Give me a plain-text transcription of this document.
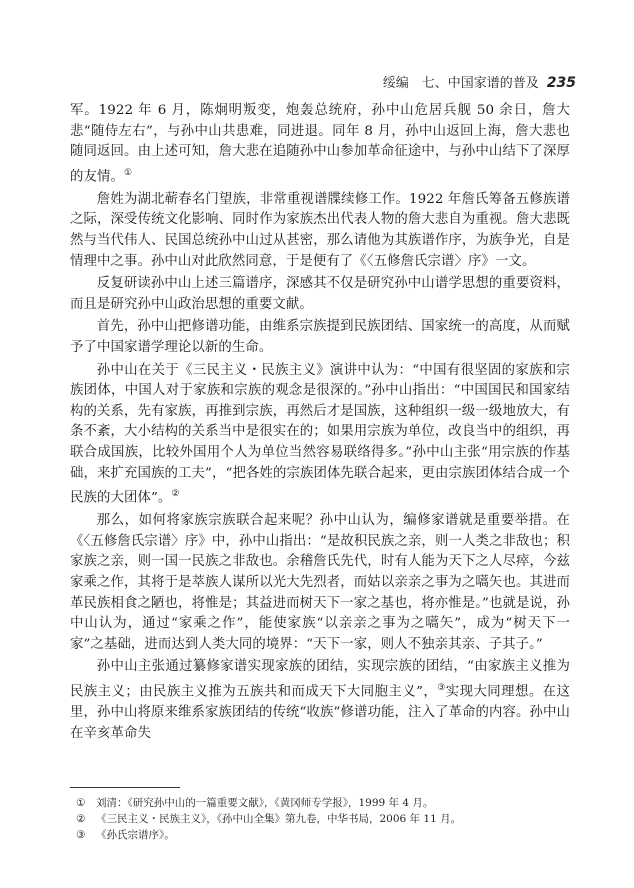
绥编　七、中国家谱的普及 235

军。1922 年 6 月，陈炯明叛变，炮轰总统府，孙中山危居兵舰 50 余日，詹大悲“随侍左右”，与孙中山共患难，同进退。同年 8 月，孙中山返回上海，詹大悲也随同返回。由上述可知，詹大悲在追随孙中山参加革命征途中，与孙中山结下了深厚的友情。①

詹姓为湖北蕲春名门望族，非常重视谱牒续修工作。1922 年詹氏筹备五修族谱之际，深受传统文化影响、同时作为家族杰出代表人物的詹大悲自为重视。詹大悲既然与当代伟人、民国总统孙中山过从甚密，那么请他为其族谱作序，为族争光，自是情理中之事。孙中山对此欣然同意，于是便有了《〈五修詹氏宗谱〉序》一文。

反复研读孙中山上述三篇谱序，深感其不仅是研究孙中山谱学思想的重要资料，而且是研究孙中山政治思想的重要文献。

首先，孙中山把修谱功能，由维系宗族提到民族团结、国家统一的高度，从而赋予了中国家谱学理论以新的生命。

孙中山在关于《三民主义・民族主义》演讲中认为：“中国有很坚固的家族和宗族团体，中国人对于家族和宗族的观念是很深的。”孙中山指出：“中国国民和国家结构的关系，先有家族，再推到宗族，再然后才是国族，这种组织一级一级地放大，有条不紊，大小结构的关系当中是很实在的；如果用宗族为单位，改良当中的组织，再联合成国族，比较外国用个人为单位当然容易联络得多。”孙中山主张“用宗族的作基础，来扩充国族的工夫”，“把各姓的宗族团体先联合起来，更由宗族团体结合成一个民族的大团体”。②

那么，如何将家族宗族联合起来呢？孙中山认为，编修家谱就是重要举措。在《〈五修詹氏宗谱〉序》中，孙中山指出：“是故积民族之亲，则一人类之非敌也；积家族之亲，则一国一民族之非敌也。余稽詹氏先代，时有人能为天下之人尽瘁，今兹家乘之作，其将于是萃族人谋所以光大先烈者，而姑以亲亲之事为之嚆矢也。其进而革民族相食之陋也，将惟是；其益进而树天下一家之基也，将亦惟是。”也就是说，孙中山认为，通过“家乘之作”，能使家族“以亲亲之事为之嚆矢”，成为“树天下一家”之基础，进而达到人类大同的境界：“天下一家，则人不独亲其亲、子其子。”

孙中山主张通过纂修家谱实现家族的团结，实现宗族的团结，“由家族主义推为民族主义；由民族主义推为五族共和而成天下大同胞主义”，③实现大同理想。在这里，孙中山将原来维系家族团结的传统“收族”修谱功能，注入了革命的内容。孙中山在辛亥革命失

①	刘清：《研究孙中山的一篇重要文献》，《黄冈师专学报》，1999 年 4 月。
②	《三民主义・民族主义》，《孙中山全集》第九卷，中华书局，2006 年 11 月。
③	《孙氏宗谱序》。
